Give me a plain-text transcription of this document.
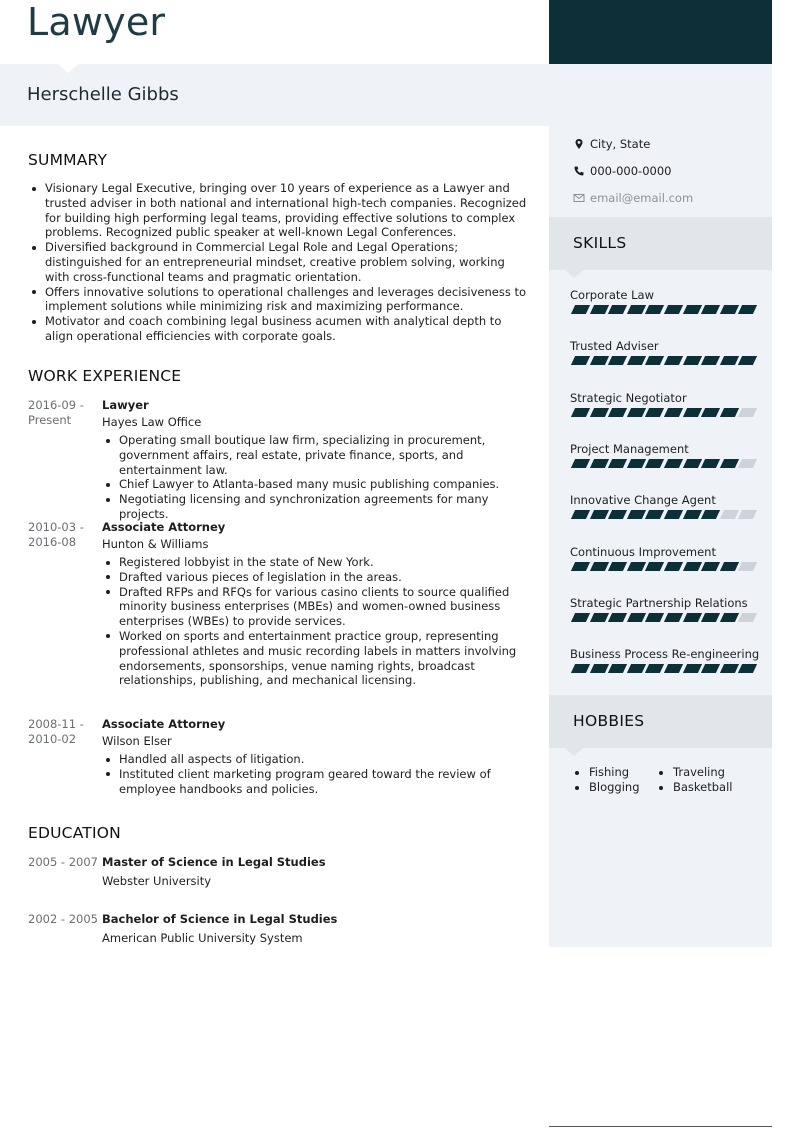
Lawyer
Herschelle Gibbs
City, State
000-000-0000
email@email.com
SKILLS
Corporate Law
Trusted Adviser
Strategic Negotiator
Project Management
Innovative Change Agent
Continuous Improvement
Strategic Partnership Relations
Business Process Re-engineering
HOBBIES
Fishing	Traveling
Blogging	Basketball
SUMMARY
Visionary Legal Executive, bringing over 10 years of experience as a Lawyer and trusted adviser in both national and international high-tech companies. Recognized for building high performing legal teams, providing effective solutions to complex problems. Recognized public speaker at well-known Legal Conferences.
Diversified background in Commercial Legal Role and Legal Operations; distinguished for an entrepreneurial mindset, creative problem solving, working with cross-functional teams and pragmatic orientation.
Offers innovative solutions to operational challenges and leverages decisiveness to implement solutions while minimizing risk and maximizing performance.
Motivator and coach combining legal business acumen with analytical depth to align operational efficiencies with corporate goals.
WORK EXPERIENCE
2016-09 - Present
Lawyer
Hayes Law Office
Operating small boutique law firm, specializing in procurement, government affairs, real estate, private finance, sports, and entertainment law.
Chief Lawyer to Atlanta-based many music publishing companies.
Negotiating licensing and synchronization agreements for many projects.
2010-03 - 2016-08
Associate Attorney
Hunton & Williams
Registered lobbyist in the state of New York.
Drafted various pieces of legislation in the areas.
Drafted RFPs and RFQs for various casino clients to source qualified minority business enterprises (MBEs) and women-owned business enterprises (WBEs) to provide services.
Worked on sports and entertainment practice group, representing professional athletes and music recording labels in matters involving endorsements, sponsorships, venue naming rights, broadcast relationships, publishing, and mechanical licensing.
2008-11 - 2010-02
Associate Attorney
Wilson Elser
Handled all aspects of litigation.
Instituted client marketing program geared toward the review of employee handbooks and policies.
EDUCATION
2005 - 2007 Master of Science in Legal Studies
Webster University
2002 - 2005 Bachelor of Science in Legal Studies
American Public University System
